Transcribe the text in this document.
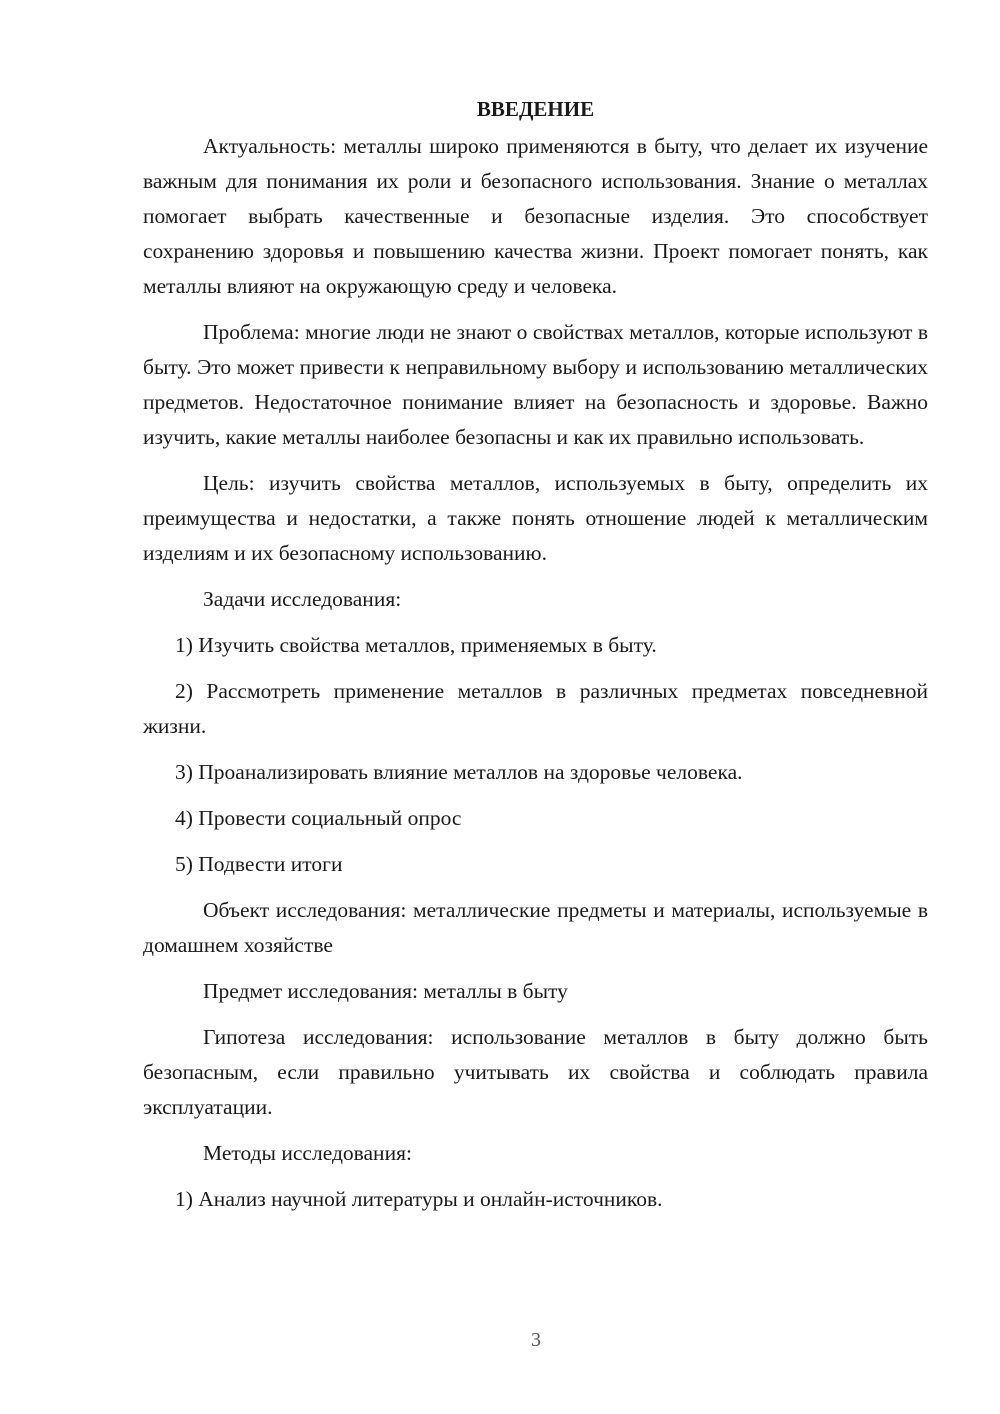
ВВЕДЕНИЕ

Актуальность: металлы широко применяются в быту, что делает их изучение важным для понимания их роли и безопасного использования. Знание о металлах помогает выбрать качественные и безопасные изделия. Это способствует сохранению здоровья и повышению качества жизни. Проект помогает понять, как металлы влияют на окружающую среду и человека.

Проблема: многие люди не знают о свойствах металлов, которые используют в быту. Это может привести к неправильному выбору и использованию металлических предметов. Недостаточное понимание влияет на безопасность и здоровье. Важно изучить, какие металлы наиболее безопасны и как их правильно использовать.

Цель: изучить свойства металлов, используемых в быту, определить их преимущества и недостатки, а также понять отношение людей к металлическим изделиям и их безопасному использованию.

Задачи исследования:

1) Изучить свойства металлов, применяемых в быту.

2) Рассмотреть применение металлов в различных предметах повседневной жизни.

3) Проанализировать влияние металлов на здоровье человека.

4) Провести социальный опрос

5) Подвести итоги

Объект исследования: металлические предметы и материалы, используемые в домашнем хозяйстве

Предмет исследования: металлы в быту

Гипотеза исследования: использование металлов в быту должно быть безопасным, если правильно учитывать их свойства и соблюдать правила эксплуатации.

Методы исследования:

1) Анализ научной литературы и онлайн-источников.

3
